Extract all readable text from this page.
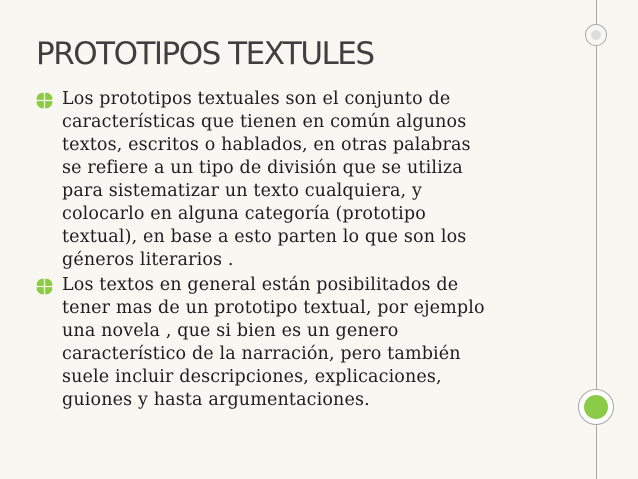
PROTOTIPOS TEXTULES
Los prototipos textuales son el conjunto de
características que tienen en común algunos
textos, escritos o hablados, en otras palabras
se refiere a un tipo de división que se utiliza
para sistematizar un texto cualquiera, y
colocarlo en alguna categoría (prototipo
textual), en base a esto parten lo que son los
géneros literarios .
Los textos en general están posibilitados de
tener mas de un prototipo textual, por ejemplo
una novela , que si bien es un genero
característico de la narración, pero también
suele incluir descripciones, explicaciones,
guiones y hasta argumentaciones.
